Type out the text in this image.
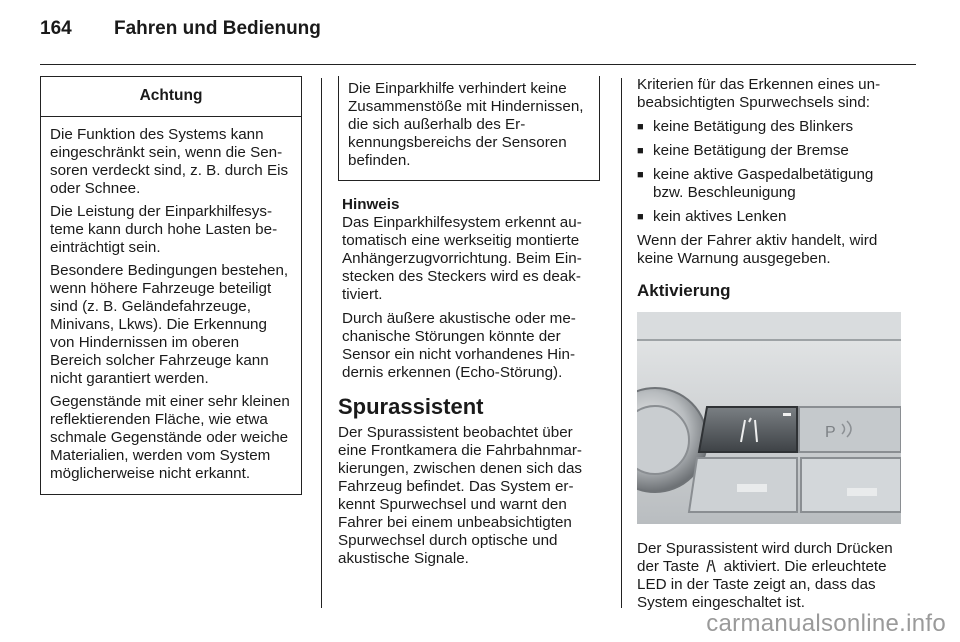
164 Fahren und Bedienung
Achtung

Die Funktion des Systems kann eingeschränkt sein, wenn die Sensoren verdeckt sind, z. B. durch Eis oder Schnee.

Die Leistung der Einparkhilfesysteme kann durch hohe Lasten beeinträchtigt sein.

Besondere Bedingungen bestehen, wenn höhere Fahrzeuge beteiligt sind (z. B. Geländefahrzeuge, Minivans, Lkws). Die Erkennung von Hindernissen im oberen Bereich solcher Fahrzeuge kann nicht garantiert werden.

Gegenstände mit einer sehr kleinen reflektierenden Fläche, wie etwa schmale Gegenstände oder weiche Materialien, werden vom System möglicherweise nicht erkannt.

Die Einparkhilfe verhindert keine Zusammenstöße mit Hindernissen, die sich außerhalb des Erkennungsbereichs der Sensoren befinden.

Hinweis

Das Einparkhilfesystem erkennt automatisch eine werkseitig montierte Anhängerzugvorrichtung. Beim Einstecken des Steckers wird es deaktiviert.

Durch äußere akustische oder mechanische Störungen könnte der Sensor ein nicht vorhandenes Hindernis erkennen (Echo-Störung).

Spurassistent

Der Spurassistent beobachtet über eine Frontkamera die Fahrbahnmarkierungen, zwischen denen sich das Fahrzeug befindet. Das System erkennt Spurwechsel und warnt den Fahrer bei einem unbeabsichtigten Spurwechsel durch optische und akustische Signale.

Kriterien für das Erkennen eines unbeabsichtigten Spurwechsels sind:

■ keine Betätigung des Blinkers
■ keine Betätigung der Bremse
■ keine aktive Gaspedalbetätigung bzw. Beschleunigung
■ kein aktives Lenken

Wenn der Fahrer aktiv handelt, wird keine Warnung ausgegeben.

Aktivierung
P

Der Spurassistent wird durch Drücken der Taste aktiviert. Die erleuchtete LED in der Taste zeigt an, dass das System eingeschaltet ist.

carmanualsonline.info
